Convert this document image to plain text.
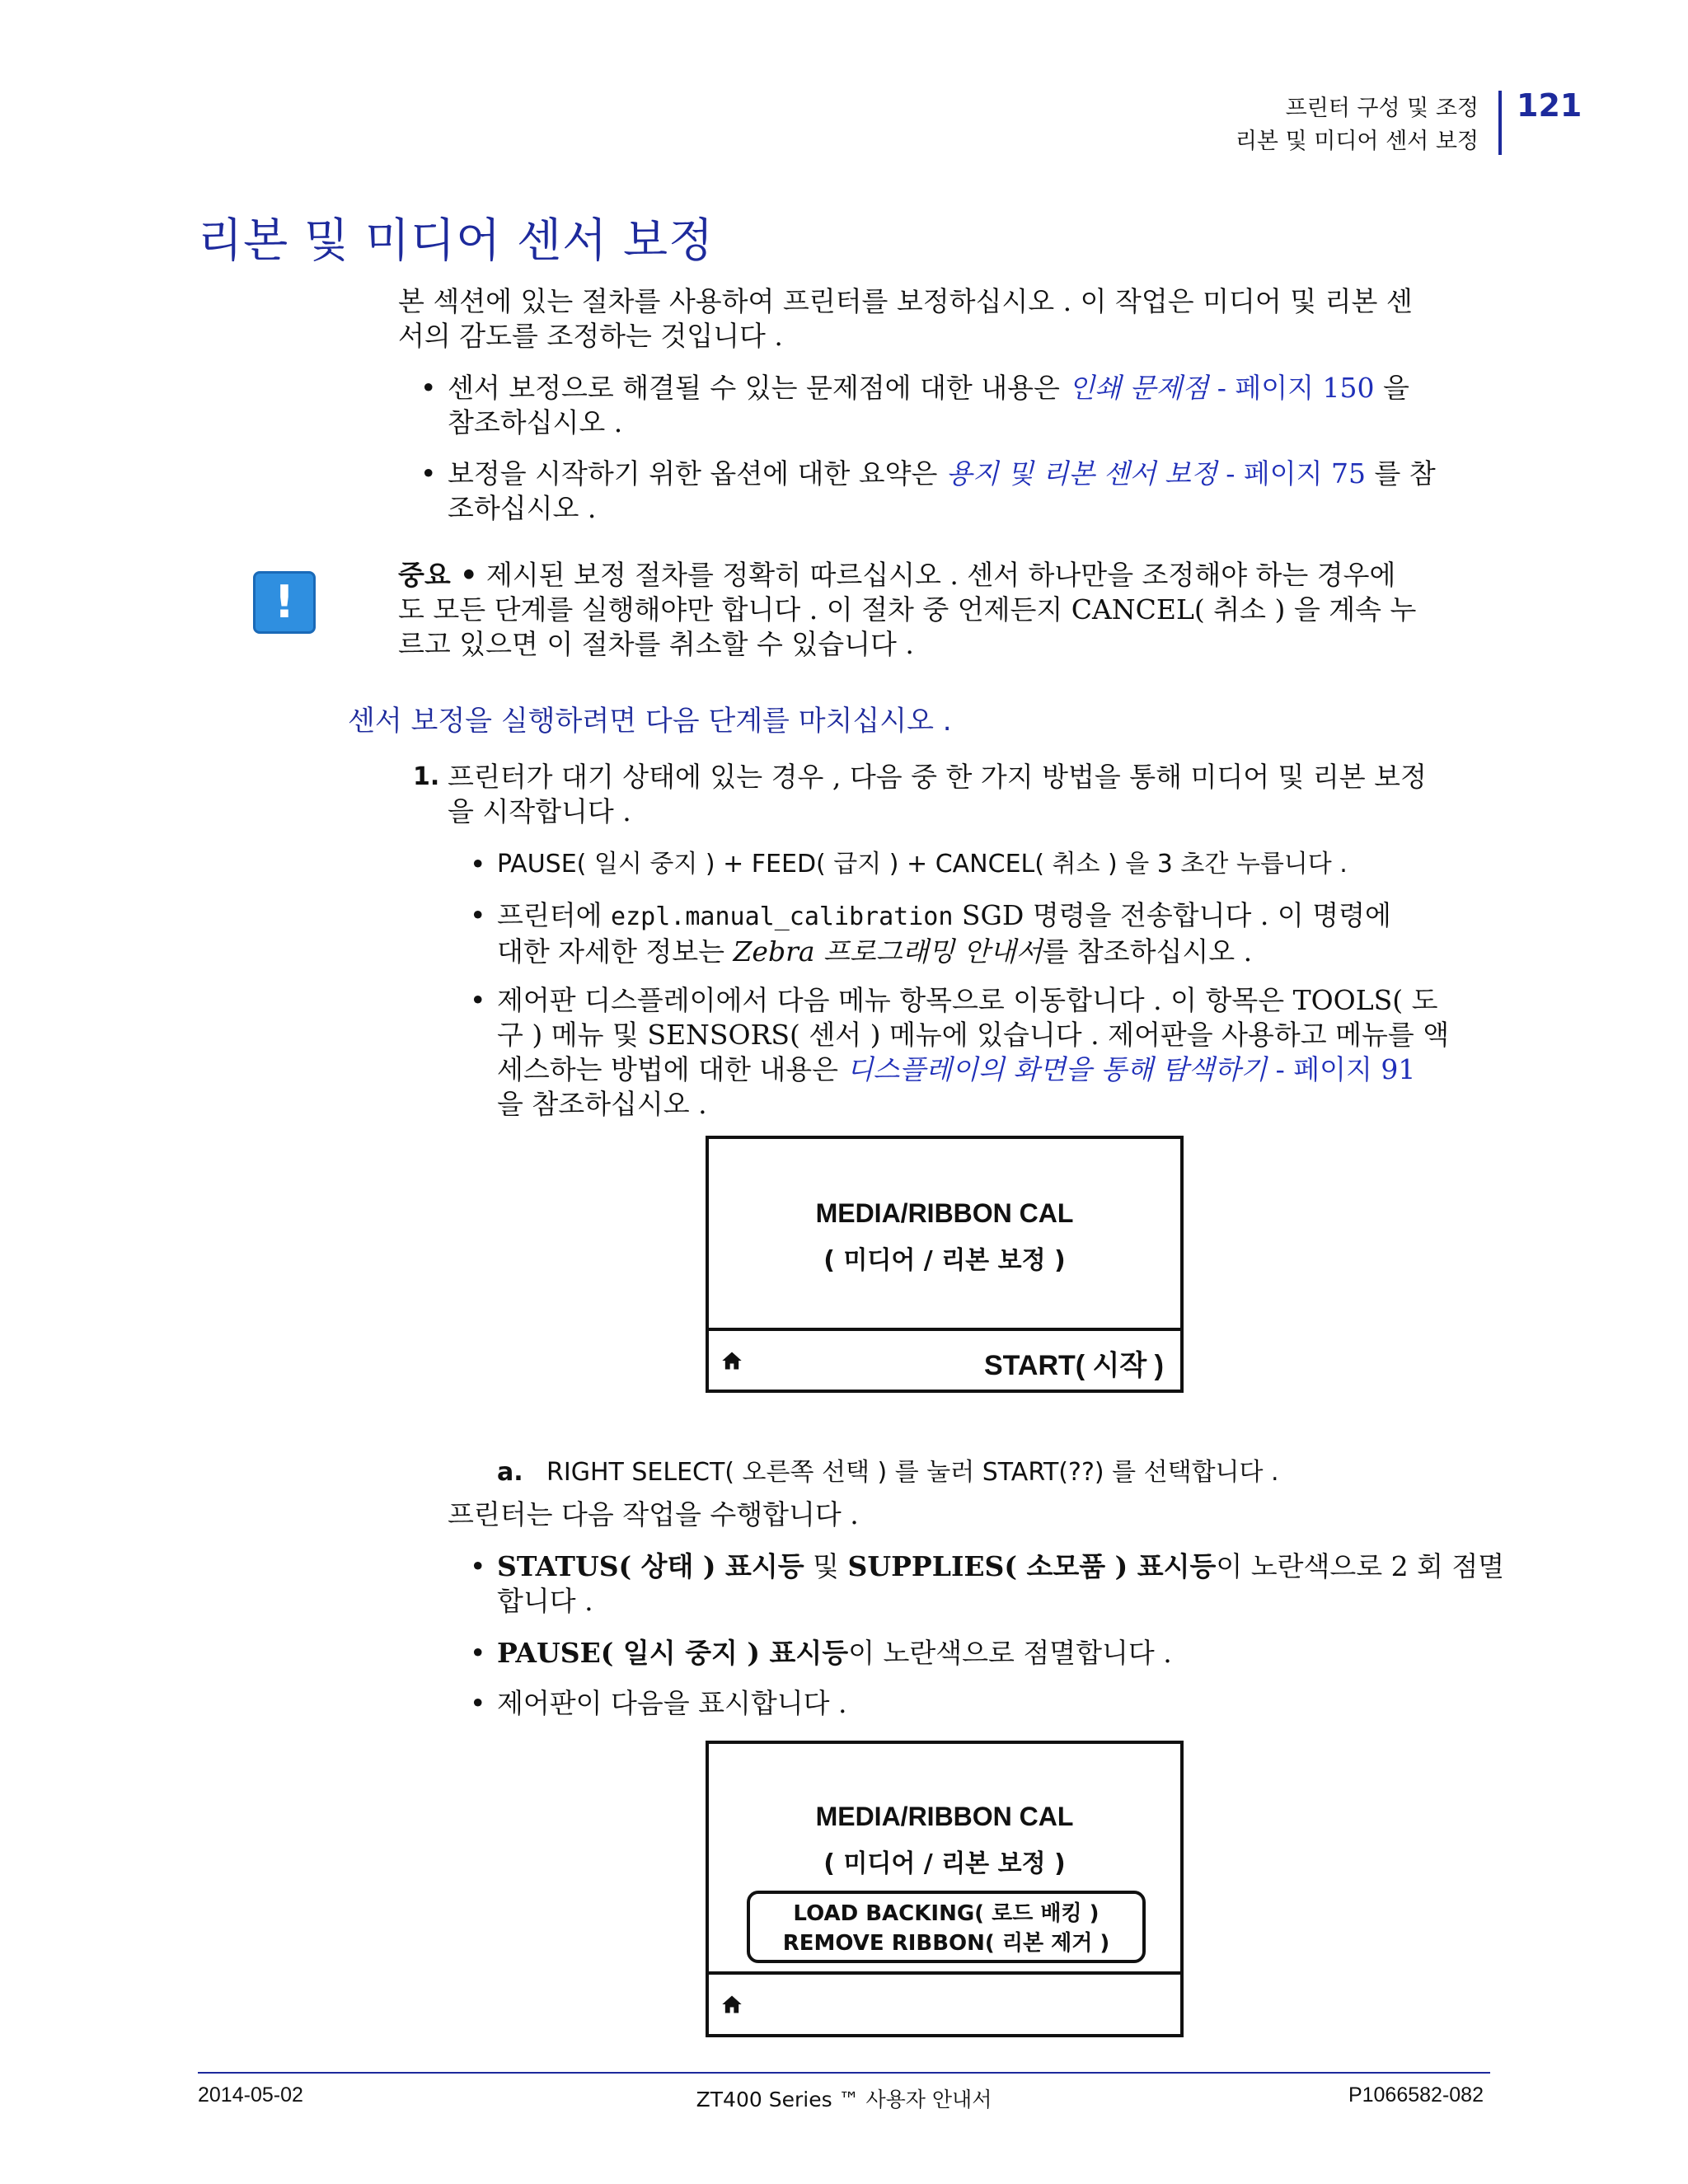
프린터 구성 및 조정
리본 및 미디어 센서 보정
121
리본 및 미디어 센서 보정
본 섹션에 있는 절차를 사용하여 프린터를 보정하십시오 . 이 작업은 미디어 및 리본 센
서의 감도를 조정하는 것입니다 .
• 센서 보정으로 해결될 수 있는 문제점에 대한 내용은 인쇄 문제점 - 페이지 150 을
참조하십시오 .
• 보정을 시작하기 위한 옵션에 대한 요약은 용지 및 리본 센서 보정 - 페이지 75 를 참
조하십시오 .
!
중요 • 제시된 보정 절차를 정확히 따르십시오 . 센서 하나만을 조정해야 하는 경우에
도 모든 단계를 실행해야만 합니다 . 이 절차 중 언제든지 CANCEL( 취소 ) 을 계속 누
르고 있으면 이 절차를 취소할 수 있습니다 .
센서 보정을 실행하려면 다음 단계를 마치십시오 .
1. 프린터가 대기 상태에 있는 경우 , 다음 중 한 가지 방법을 통해 미디어 및 리본 보정
을 시작합니다 .
• PAUSE( 일시 중지 ) + FEED( 급지 ) + CANCEL( 취소 ) 을 3 초간 누릅니다 .
• 프린터에 ezpl.manual_calibration SGD 명령을 전송합니다 . 이 명령에
대한 자세한 정보는 Zebra 프로그래밍 안내서를 참조하십시오 .
• 제어판 디스플레이에서 다음 메뉴 항목으로 이동합니다 . 이 항목은 TOOLS( 도
구 ) 메뉴 및 SENSORS( 센서 ) 메뉴에 있습니다 . 제어판을 사용하고 메뉴를 액
세스하는 방법에 대한 내용은 디스플레이의 화면을 통해 탐색하기 - 페이지 91
을 참조하십시오 .
MEDIA/RIBBON CAL
( 미디어 / 리본 보정 )
START( 시작 )
a. RIGHT SELECT( 오른쪽 선택 ) 를 눌러 START(??) 를 선택합니다 .
프린터는 다음 작업을 수행합니다 .
• STATUS( 상태 ) 표시등 및 SUPPLIES( 소모품 ) 표시등이 노란색으로 2 회 점멸
합니다 .
• PAUSE( 일시 중지 ) 표시등이 노란색으로 점멸합니다 .
• 제어판이 다음을 표시합니다 .
MEDIA/RIBBON CAL
( 미디어 / 리본 보정 )
LOAD BACKING( 로드 배킹 )
REMOVE RIBBON( 리본 제거 )
2014-05-02	ZT400 Series ™ 사용자 안내서	P1066582-082
